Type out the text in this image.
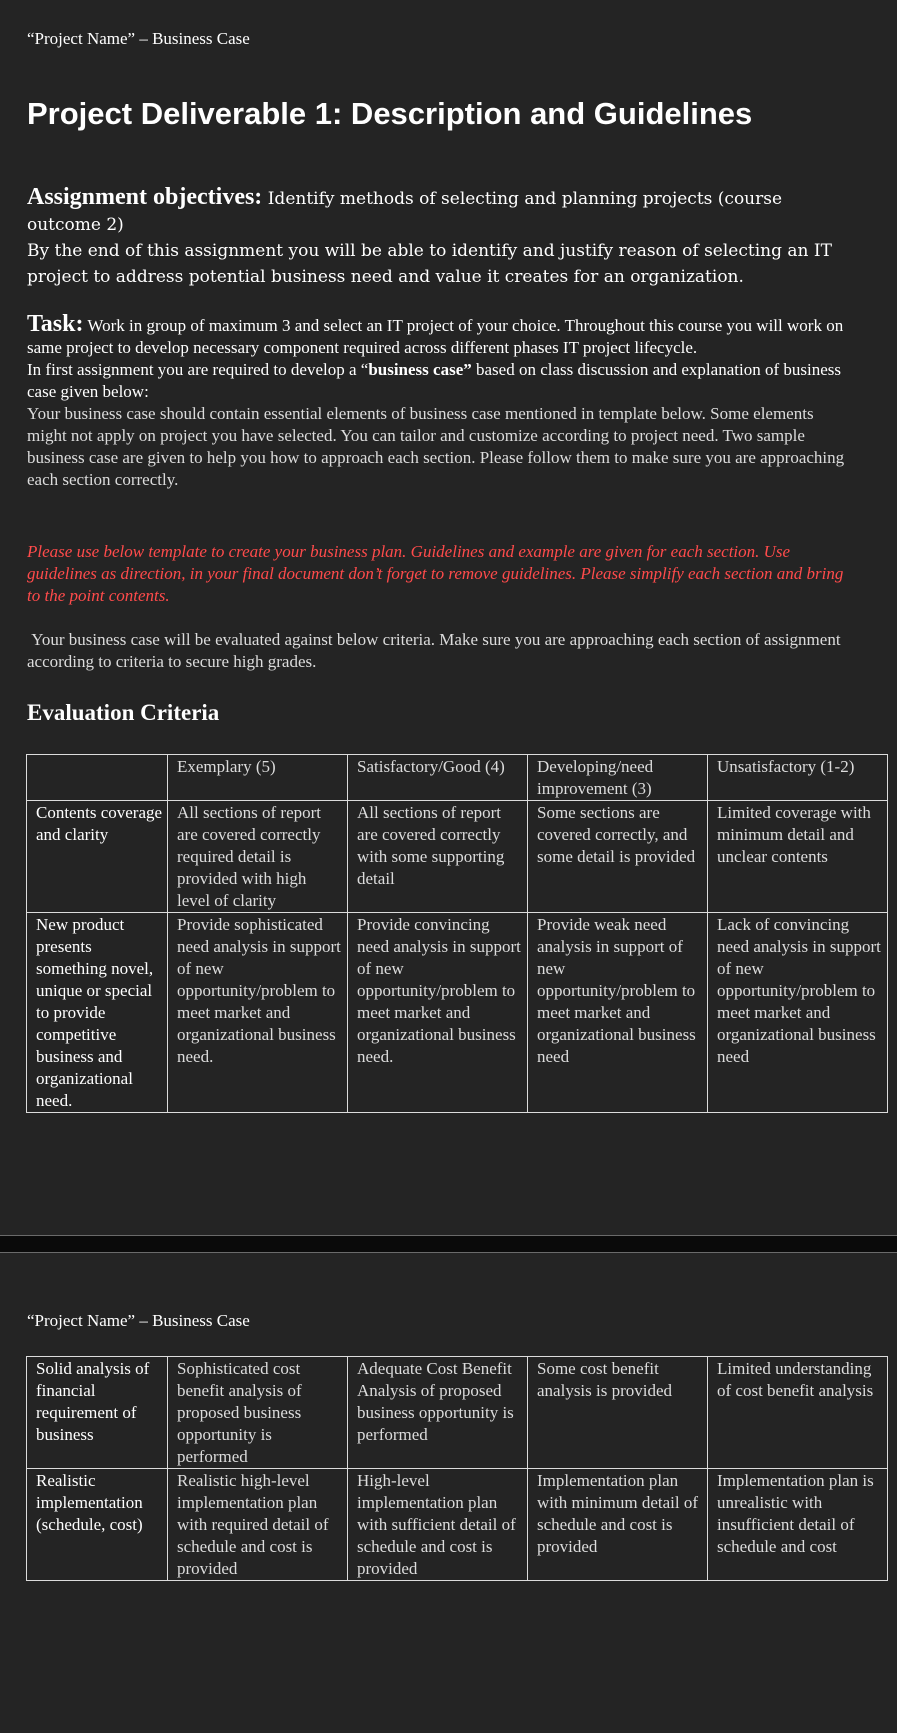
“Project Name” – Business Case
Project Deliverable 1: Description and Guidelines
Assignment objectives: Identify methods of selecting and planning projects (course outcome 2)
By the end of this assignment you will be able to identify and justify reason of selecting an IT project to address potential business need and value it creates for an organization.
Task: Work in group of maximum 3 and select an IT project of your choice. Throughout this course you will work on same project to develop necessary component required across different phases IT project lifecycle.
In first assignment you are required to develop a “business case” based on class discussion and explanation of business case given below:
Your business case should contain essential elements of business case mentioned in template below. Some elements might not apply on project you have selected. You can tailor and customize according to project need. Two sample business case are given to help you how to approach each section. Please follow them to make sure you are approaching each section correctly.
Please use below template to create your business plan. Guidelines and example are given for each section. Use guidelines as direction, in your final document don’t forget to remove guidelines. Please simplify each section and bring to the point contents.
Your business case will be evaluated against below criteria. Make sure you are approaching each section of assignment according to criteria to secure high grades.
Evaluation Criteria
	Exemplary (5)	Satisfactory/Good (4)	Developing/need improvement (3)	Unsatisfactory (1-2)
Contents coverage and clarity	All sections of report are covered correctly required detail is provided with high level of clarity	All sections of report are covered correctly with some supporting detail	Some sections are covered correctly, and some detail is provided	Limited coverage with minimum detail and unclear contents
New product presents something novel, unique or special to provide competitive business and organizational need.	Provide sophisticated need analysis in support of new opportunity/problem to meet market and organizational business need.	Provide convincing need analysis in support of new opportunity/problem to meet market and organizational business need.	Provide weak need analysis in support of new opportunity/problem to meet market and organizational business need	Lack of convincing need analysis in support of new opportunity/problem to meet market and organizational business need
“Project Name” – Business Case
Solid analysis of financial requirement of business	Sophisticated cost benefit analysis of proposed business opportunity is performed	Adequate Cost Benefit Analysis of proposed business opportunity is performed	Some cost benefit analysis is provided	Limited understanding of cost benefit analysis
Realistic implementation (schedule, cost)	Realistic high-level implementation plan with required detail of schedule and cost is provided	High-level implementation plan with sufficient detail of schedule and cost is provided	Implementation plan with minimum detail of schedule and cost is provided	Implementation plan is unrealistic with insufficient detail of schedule and cost
